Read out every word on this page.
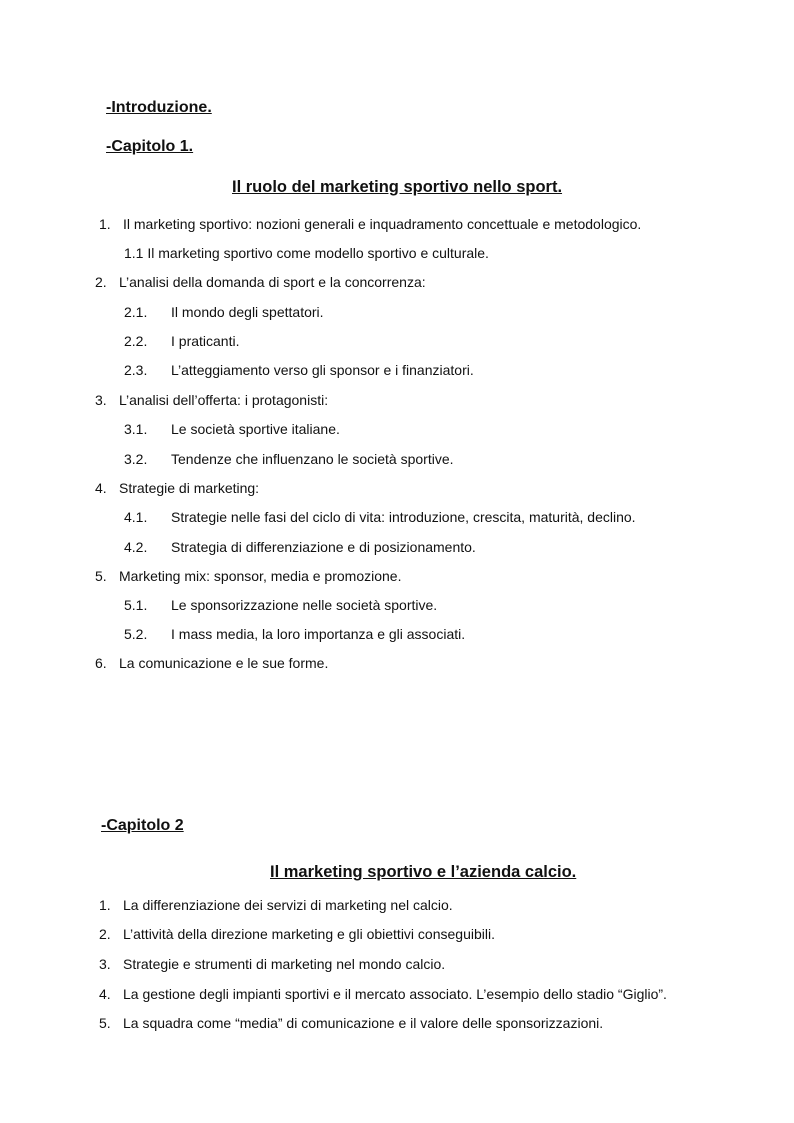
-Introduzione.
-Capitolo 1.
Il ruolo del marketing sportivo nello sport.
1. Il marketing sportivo: nozioni generali e inquadramento concettuale e metodologico.
1.1 Il marketing sportivo come modello sportivo e culturale.
2. L’analisi della domanda di sport e la concorrenza:
2.1. Il mondo degli spettatori.
2.2. I praticanti.
2.3. L’atteggiamento verso gli sponsor e i finanziatori.
3. L’analisi dell’offerta: i protagonisti:
3.1. Le società sportive italiane.
3.2. Tendenze che influenzano le società sportive.
4. Strategie di marketing:
4.1. Strategie nelle fasi del ciclo di vita: introduzione, crescita, maturità, declino.
4.2. Strategia di differenziazione e di posizionamento.
5. Marketing mix: sponsor, media e promozione.
5.1. Le sponsorizzazione nelle società sportive.
5.2. I mass media, la loro importanza e gli associati.
6. La comunicazione e le sue forme.
-Capitolo 2
Il marketing sportivo e l’azienda calcio.
1. La differenziazione dei servizi di marketing nel calcio.
2. L’attività della direzione marketing e gli obiettivi conseguibili.
3. Strategie e strumenti di marketing nel mondo calcio.
4. La gestione degli impianti sportivi e il mercato associato. L’esempio dello stadio “Giglio”.
5. La squadra come “media” di comunicazione e il valore delle sponsorizzazioni.
